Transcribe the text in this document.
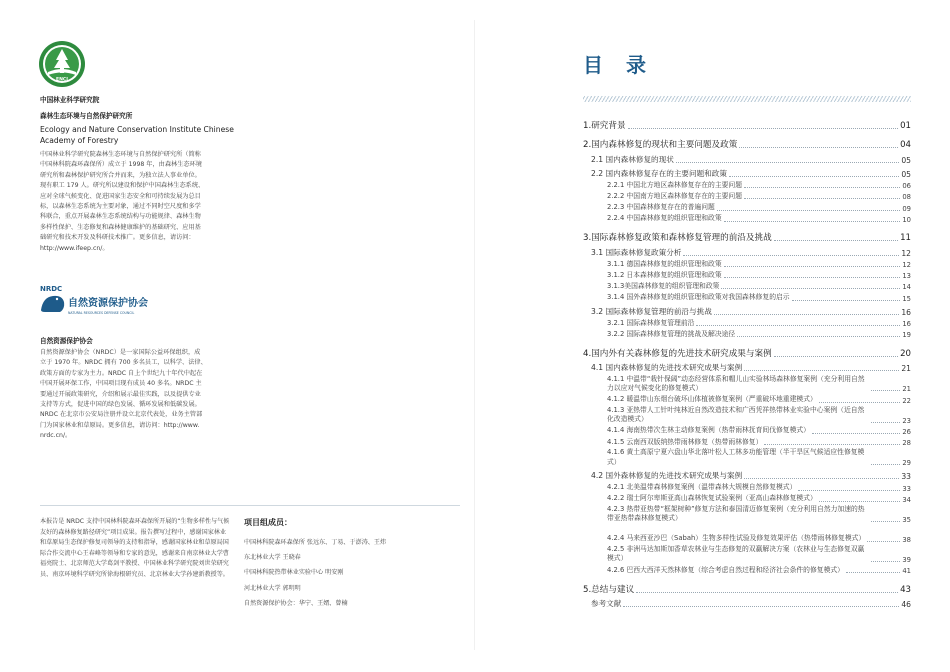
ENCI

中国林业科学研究院

森林生态环境与自然保护研究所

Ecology and Nature Conservation Institute Chinese
Academy of Forestry

中国林业科学研究院森林生态环境与自然保护研究所（简称
中国林科院森环森保所）成立于 1998 年，由森林生态环境
研究所和森林保护研究所合并而来，为独立法人事业单位。
现有职工 179 人。研究所以建设和保护中国森林生态系统、
应对全球气候变化、促进国家生态安全和可持续发展为总目
标，以森林生态系统为主要对象，通过不同时空尺度和多学
科联合，重点开展森林生态系统结构与功能规律、森林生物
多样性保护、生态修复和森林健康维护的基础研究、应用基
础研究和技术开发及科研技术推广。更多信息，请访问：
http://www.ifeep.cn/。

NRDC
自然资源保护协会
NATURAL RESOURCES DEFENSE COUNCIL

自然资源保护协会

自然资源保护协会（NRDC）是一家国际公益环保组织，成
立于 1970 年。NRDC 拥有 700 多名员工，以科学、法律、
政策方面的专家为主力。NRDC 自上个世纪九十年代中起在
中国开展环保工作，中国项目现有成员 40 多名。NRDC 主
要通过开展政策研究，介绍和展示最佳实践，以及提供专业
支持等方式，促进中国的绿色发展、循环发展和低碳发展。
NRDC 在北京市公安局注册并设立北京代表处，业务主管部
门为国家林业和草原局。更多信息，请访问：http://www.
nrdc.cn/。

本报告是 NRDC 支持中国林科院森环森保所开展的“生物多样性与气候友好的森林修复路径研究”项目成果。报告撰写过程中，感谢国家林业和草原局生态保护修复司领导的支持和指导，感谢国家林业和草原局国际合作交流中心王春峰等领导和专家的意见，感谢来自南京林业大学曹福亮院士、北京师范大学葛剑平教授、中国林业科学研究院刘世荣研究员、南京环境科学研究所徐海根研究员、北京林业大学孙建新教授等。

项目组成员：

中国林科院森环森保所 张远东、丁易、于澎涛、王炜
东北林业大学 王晓春
中国林科院热带林业实验中心 明安刚
河北林业大学 郭明明
自然资源保护协会：华宁、王婿、曾楠
目 录
1.研究背景	01
2.国内森林修复的现状和主要问题及政策	04
2.1 国内森林修复的现状	05
2.2 国内森林修复存在的主要问题和政策	05
2.2.1 中国北方地区森林修复存在的主要问题	06
2.2.2 中国南方地区森林修复存在的主要问题	08
2.2.3 中国森林修复存在的普遍问题	09
2.2.4 中国森林修复的组织管理和政策	10
3.国际森林修复政策和森林修复管理的前沿及挑战	11
3.1 国际森林修复政策分析	12
3.1.1 德国森林修复的组织管理和政策	12
3.1.2 日本森林修复的组织管理和政策	13
3.1.3美国森林修复的组织管理和政策	14
3.1.4 国外森林修复的组织管理和政策对我国森林修复的启示	15
3.2 国际森林修复管理的前沿与挑战	16
3.2.1 国际森林修复管理前沿	16
3.2.2 国际森林修复管理的挑战及解决途径	19
4.国内外有关森林修复的先进技术研究成果与案例	20
4.1 国内森林修复的先进技术研究成果与案例	21
4.1.1 中温带“栽针保阔”动态经营体系和帽儿山实验林场森林修复案例（充分利用自然力以应对气候变化的修复模式）	21
4.1.2 暖温带山东烟台破坏山体植被修复案例（严重破坏地重建模式）	22
4.1.3 亚热带人工针叶纯林近自然改造技术和广西凭祥热带林业实验中心案例（近自然化改造模式）	23
4.1.4 海南热带次生林主动修复案例（热带雨林抚育间伐修复模式）	26
4.1.5 云南西双版纳热带雨林修复（热带雨林修复）	28
4.1.6 黄土高原宁夏六盘山华北落叶松人工林多功能管理（半干旱区气候适应性修复模式）	29
4.2 国外森林修复的先进技术研究成果与案例	33
4.2.1 北美温带森林修复案例（温带森林大规模自然修复模式）	33
4.2.2 瑞士阿尔卑斯亚高山森林恢复试验案例（亚高山森林修复模式）	34
4.2.3 热带亚热带“框架树种”修复方法和泰国清迈修复案例（充分利用自然力加速的热带亚热带森林修复模式）	35
4.2.4 马来西亚沙巴（Sabah）生物多样性试验及修复效果评估（热带雨林修复模式）	38
4.2.5 非洲马达加斯加香草农林业与生态修复的双赢解决方案（农林业与生态修复双赢模式）	39
4.2.6 巴西大西洋天然林修复（综合考虑自然过程和经济社会条件的修复模式）	41
5.总结与建议	43
参考文献	46
